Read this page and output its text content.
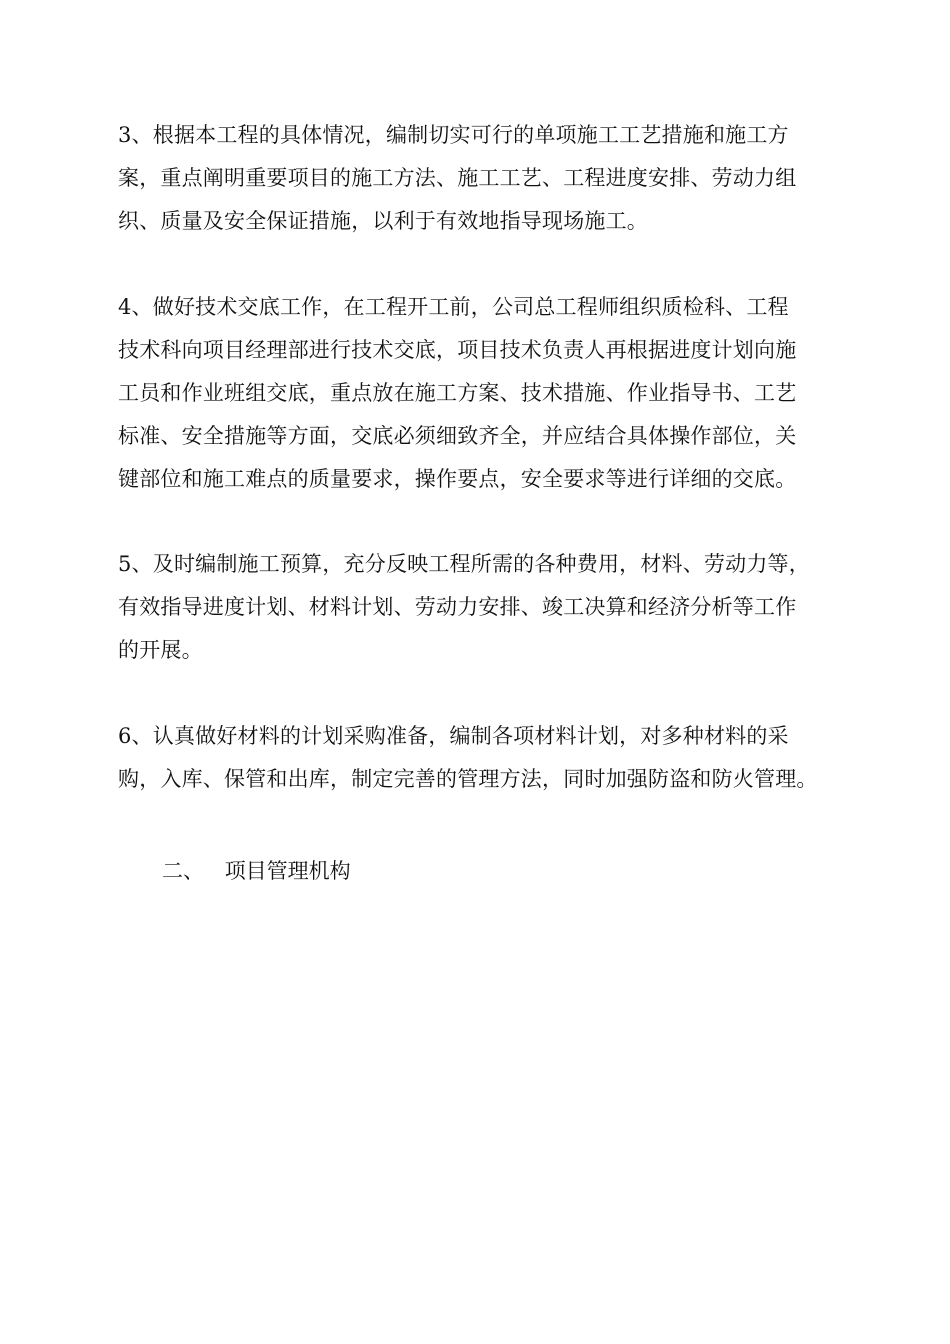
3、根据本工程的具体情况，编制切实可行的单项施工工艺措施和施工方
案，重点阐明重要项目的施工方法、施工工艺、工程进度安排、劳动力组
织、质量及安全保证措施，以利于有效地指导现场施工。
4、做好技术交底工作，在工程开工前，公司总工程师组织质检科、工程
技术科向项目经理部进行技术交底，项目技术负责人再根据进度计划向施
工员和作业班组交底，重点放在施工方案、技术措施、作业指导书、工艺
标准、安全措施等方面，交底必须细致齐全，并应结合具体操作部位，关
键部位和施工难点的质量要求，操作要点，安全要求等进行详细的交底。
5、及时编制施工预算，充分反映工程所需的各种费用，材料、劳动力等，
有效指导进度计划、材料计划、劳动力安排、竣工决算和经济分析等工作
的开展。
6、认真做好材料的计划采购准备，编制各项材料计划，对多种材料的采
购，入库、保管和出库，制定完善的管理方法，同时加强防盗和防火管理。
二、 项目管理机构
